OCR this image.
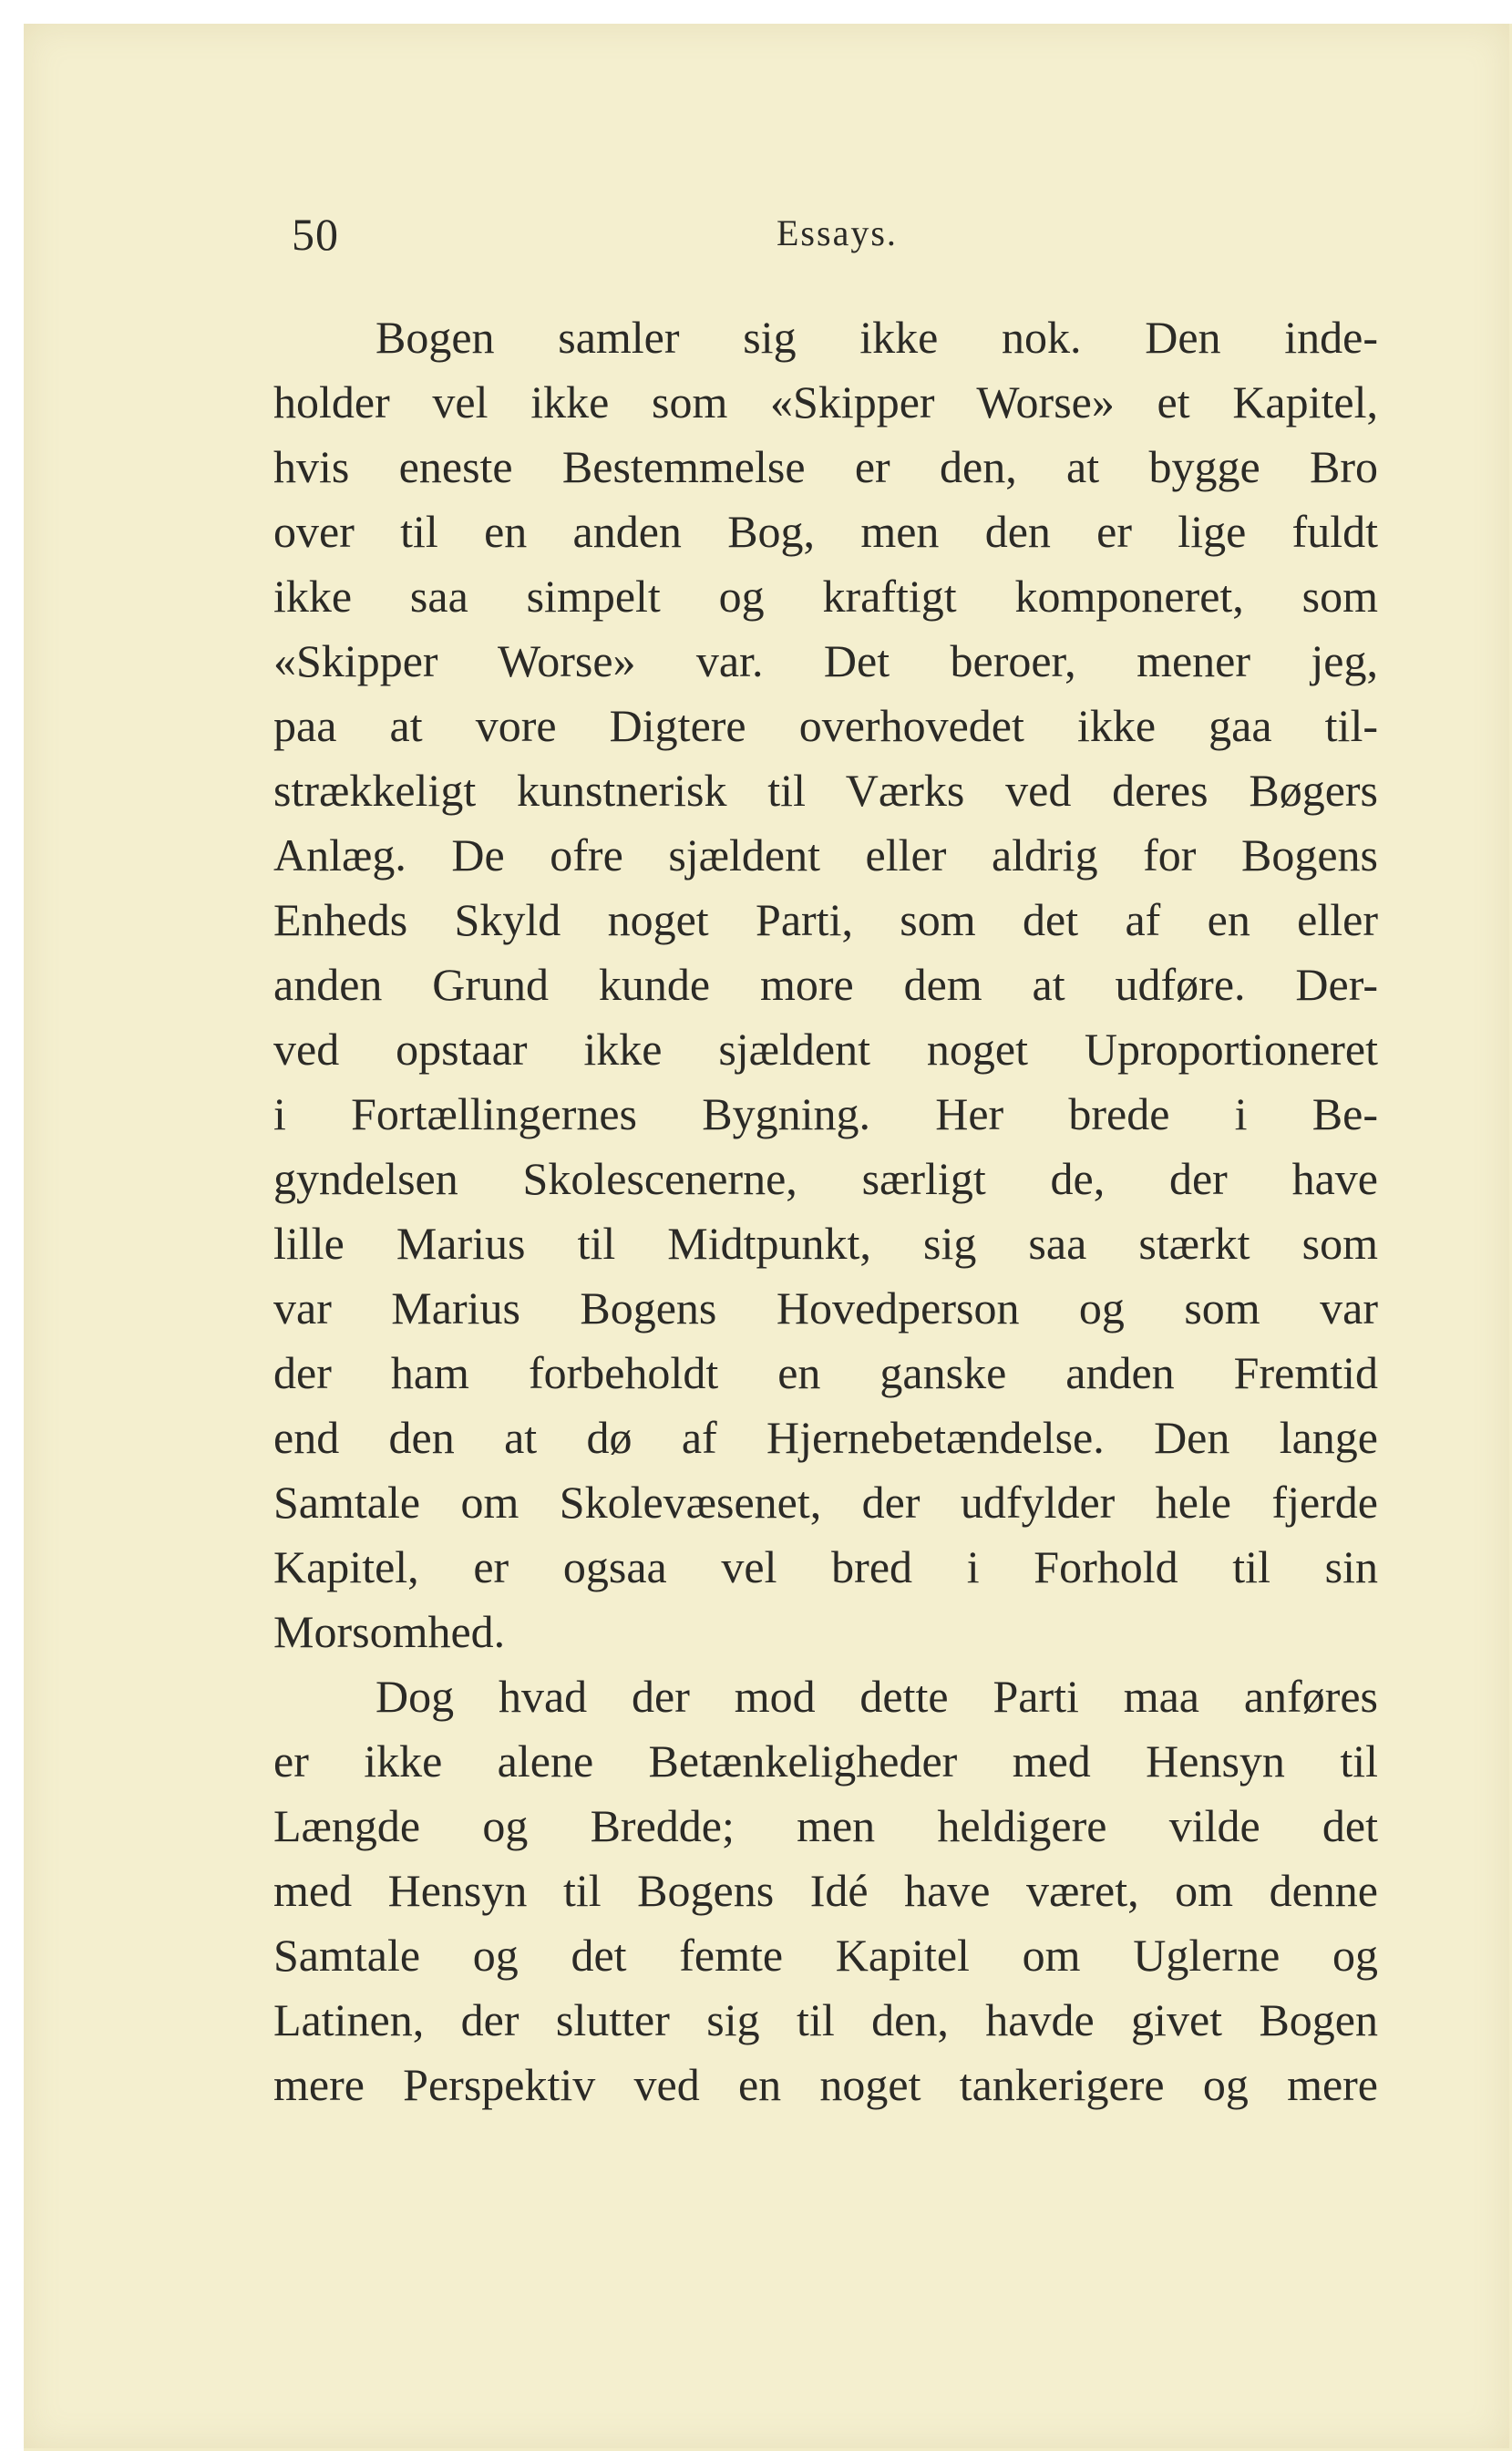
50	Essays.
Bogen samler sig ikke nok. Den inde-
holder vel ikke som «Skipper Worse» et Kapitel,
hvis eneste Bestemmelse er den, at bygge Bro
over til en anden Bog, men den er lige fuldt
ikke saa simpelt og kraftigt komponeret, som
«Skipper Worse» var. Det beroer, mener jeg,
paa at vore Digtere overhovedet ikke gaa til-
strækkeligt kunstnerisk til Værks ved deres Bøgers
Anlæg. De ofre sjældent eller aldrig for Bogens
Enheds Skyld noget Parti, som det af en eller
anden Grund kunde more dem at udføre. Der-
ved opstaar ikke sjældent noget Uproportioneret
i Fortællingernes Bygning. Her brede i Be-
gyndelsen Skolescenerne, særligt de, der have
lille Marius til Midtpunkt, sig saa stærkt som
var Marius Bogens Hovedperson og som var
der ham forbeholdt en ganske anden Fremtid
end den at dø af Hjernebetændelse. Den lange
Samtale om Skolevæsenet, der udfylder hele fjerde
Kapitel, er ogsaa vel bred i Forhold til sin
Morsomhed.
Dog hvad der mod dette Parti maa anføres
er ikke alene Betænkeligheder med Hensyn til
Længde og Bredde; men heldigere vilde det
med Hensyn til Bogens Idé have været, om denne
Samtale og det femte Kapitel om Uglerne og
Latinen, der slutter sig til den, havde givet Bogen
mere Perspektiv ved en noget tankerigere og mere
